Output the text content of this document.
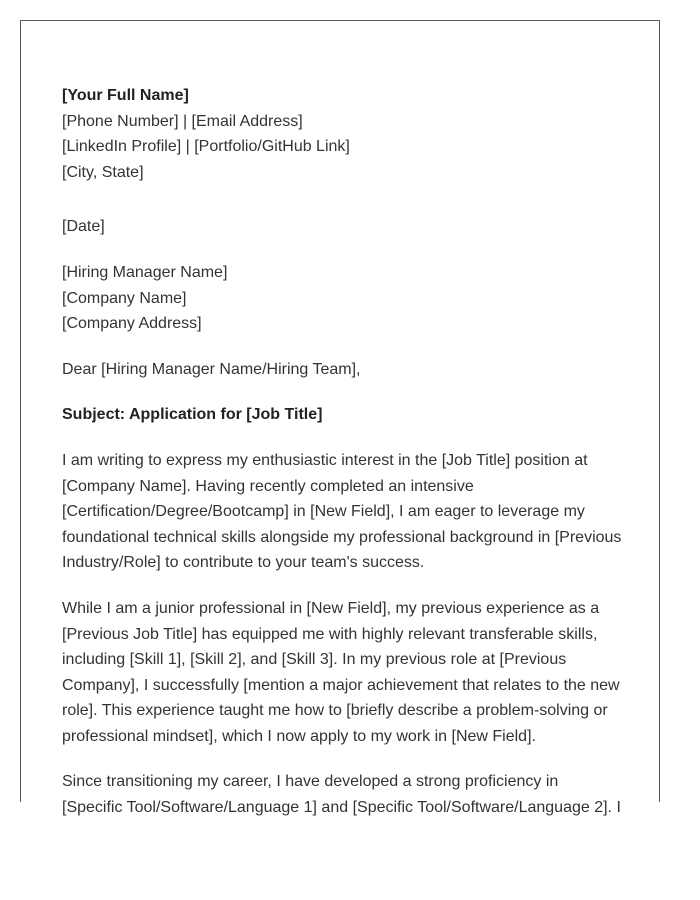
[Your Full Name]
[Phone Number] | [Email Address]
[LinkedIn Profile] | [Portfolio/GitHub Link]
[City, State]
[Date]
[Hiring Manager Name]
[Company Name]
[Company Address]
Dear [Hiring Manager Name/Hiring Team],
Subject: Application for [Job Title]
I am writing to express my enthusiastic interest in the [Job Title] position at
[Company Name]. Having recently completed an intensive
[Certification/Degree/Bootcamp] in [New Field], I am eager to leverage my
foundational technical skills alongside my professional background in [Previous
Industry/Role] to contribute to your team's success.
While I am a junior professional in [New Field], my previous experience as a
[Previous Job Title] has equipped me with highly relevant transferable skills,
including [Skill 1], [Skill 2], and [Skill 3]. In my previous role at [Previous
Company], I successfully [mention a major achievement that relates to the new
role]. This experience taught me how to [briefly describe a problem-solving or
professional mindset], which I now apply to my work in [New Field].
Since transitioning my career, I have developed a strong proficiency in
[Specific Tool/Software/Language 1] and [Specific Tool/Software/Language 2]. I
